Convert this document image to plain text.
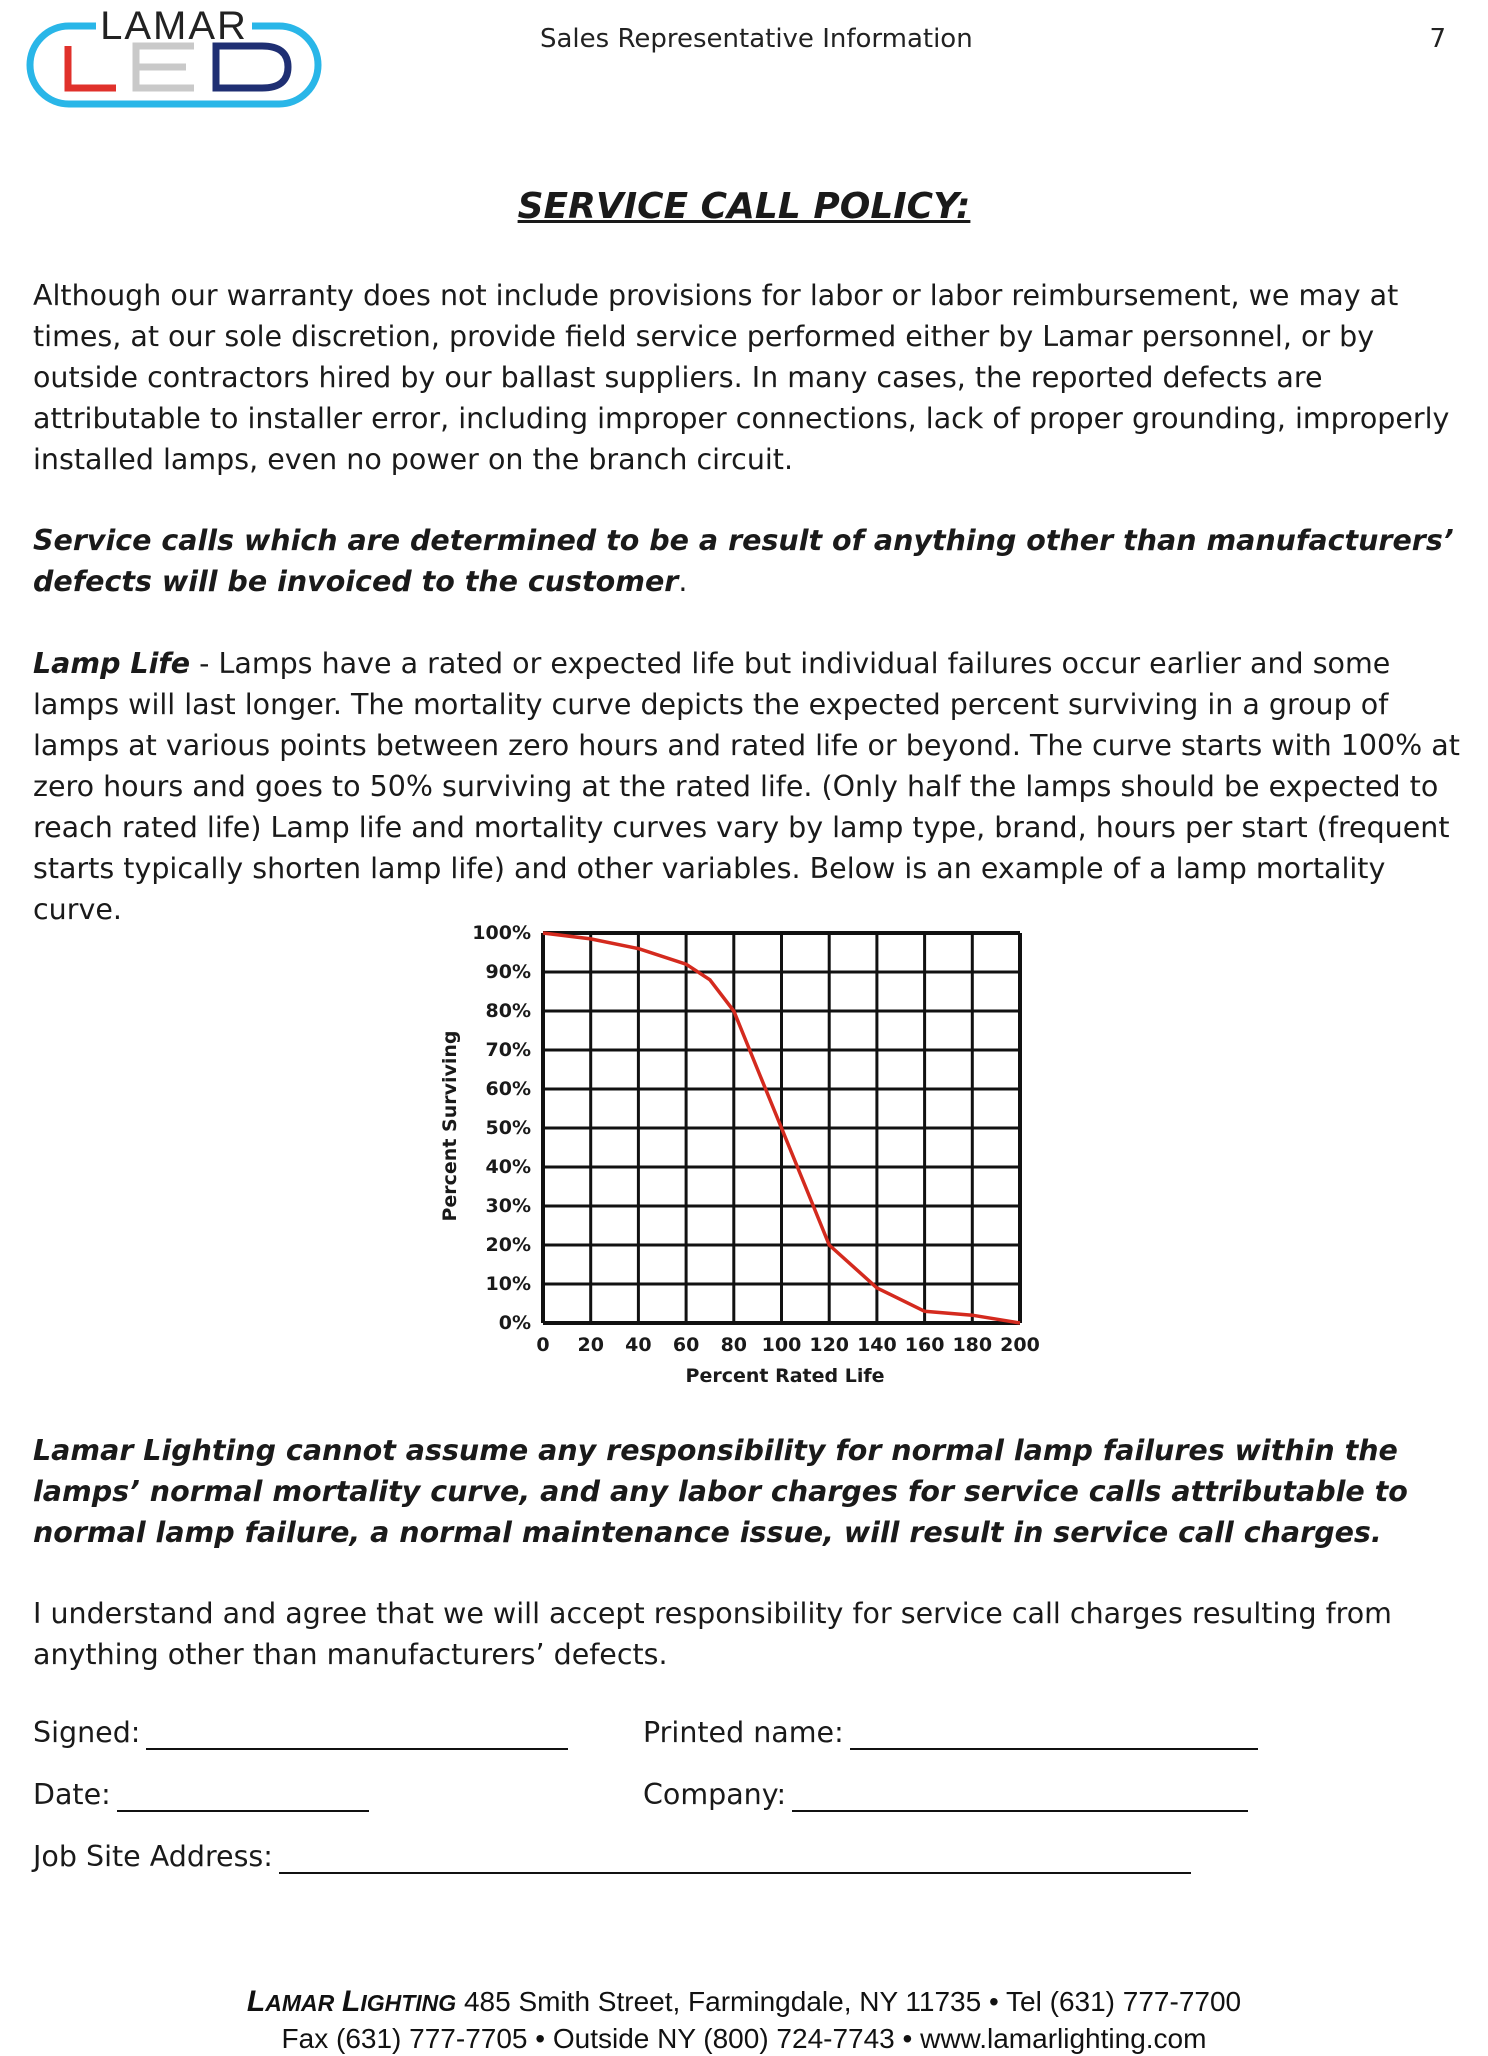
LAMAR	Sales Representative Information	7
SERVICE CALL POLICY:

Although our warranty does not include provisions for labor or labor reimbursement, we may at times, at our sole discretion, provide field service performed either by Lamar personnel, or by outside contractors hired by our ballast suppliers. In many cases, the reported defects are attributable to installer error, including improper connections, lack of proper grounding, improperly installed lamps, even no power on the branch circuit.

Service calls which are determined to be a result of anything other than manufacturers’ defects will be invoiced to the customer.

Lamp Life - Lamps have a rated or expected life but individual failures occur earlier and some lamps will last longer. The mortality curve depicts the expected percent surviving in a group of lamps at various points between zero hours and rated life or beyond. The curve starts with 100% at zero hours and goes to 50% surviving at the rated life. (Only half the lamps should be expected to reach rated life) Lamp life and mortality curves vary by lamp type, brand, hours per start (frequent starts typically shorten lamp life) and other variables. Below is an example of a lamp mortality curve.

0%
10%
20%
30%
40%
50%
60%
70%
80%
90%
100%
0 20 40 60 80 100 120 140 160 180 200
Percent Surviving
Percent Rated Life

Lamar Lighting cannot assume any responsibility for normal lamp failures within the lamps’ normal mortality curve, and any labor charges for service calls attributable to normal lamp failure, a normal maintenance issue, will result in service call charges.

I understand and agree that we will accept responsibility for service call charges resulting from anything other than manufacturers’ defects.

Signed:	Printed name:
Date:	Company:
Job Site Address:
LAMAR LIGHTING 485 Smith Street, Farmingdale, NY 11735 • Tel (631) 777-7700
Fax (631) 777-7705 • Outside NY (800) 724-7743 • www.lamarlighting.com
